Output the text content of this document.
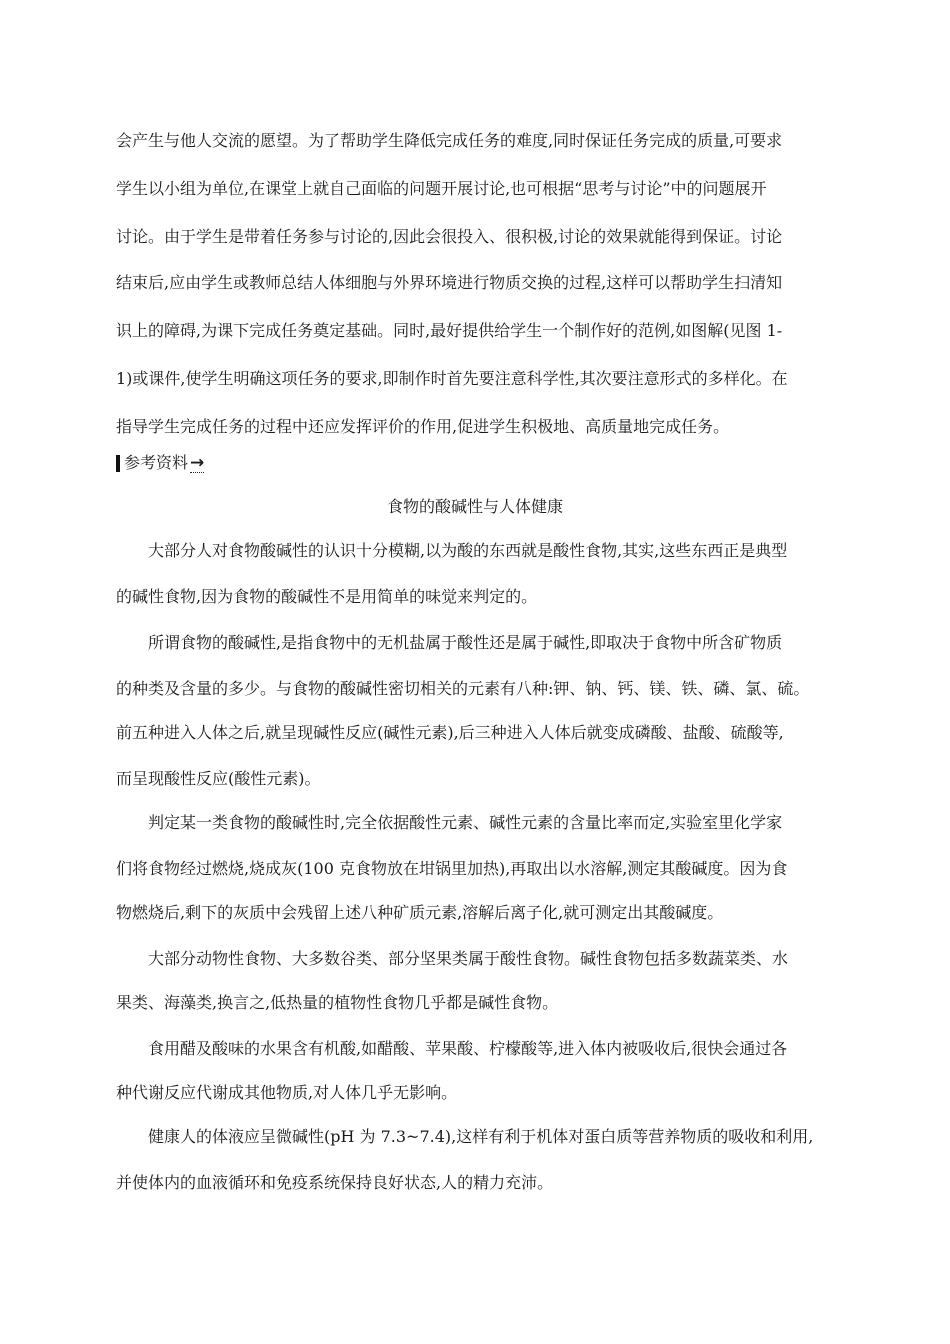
会产生与他人交流的愿望。为了帮助学生降低完成任务的难度,同时保证任务完成的质量,可要求
学生以小组为单位,在课堂上就自己面临的问题开展讨论,也可根据“思考与讨论”中的问题展开
讨论。由于学生是带着任务参与讨论的,因此会很投入、很积极,讨论的效果就能得到保证。讨论
结束后,应由学生或教师总结人体细胞与外界环境进行物质交换的过程,这样可以帮助学生扫清知
识上的障碍,为课下完成任务奠定基础。同时,最好提供给学生一个制作好的范例,如图解(见图 1-
1)或课件,使学生明确这项任务的要求,即制作时首先要注意科学性,其次要注意形式的多样化。在
指导学生完成任务的过程中还应发挥评价的作用,促进学生积极地、高质量地完成任务。
参考资料 →
食物的酸碱性与人体健康
大部分人对食物酸碱性的认识十分模糊,以为酸的东西就是酸性食物,其实,这些东西正是典型
的碱性食物,因为食物的酸碱性不是用简单的味觉来判定的。
所谓食物的酸碱性,是指食物中的无机盐属于酸性还是属于碱性,即取决于食物中所含矿物质
的种类及含量的多少。与食物的酸碱性密切相关的元素有八种:钾、钠、钙、镁、铁、磷、氯、硫。
前五种进入人体之后,就呈现碱性反应(碱性元素),后三种进入人体后就变成磷酸、盐酸、硫酸等,
而呈现酸性反应(酸性元素)。
判定某一类食物的酸碱性时,完全依据酸性元素、碱性元素的含量比率而定,实验室里化学家
们将食物经过燃烧,烧成灰(100 克食物放在坩锅里加热),再取出以水溶解,测定其酸碱度。因为食
物燃烧后,剩下的灰质中会残留上述八种矿质元素,溶解后离子化,就可测定出其酸碱度。
大部分动物性食物、大多数谷类、部分坚果类属于酸性食物。碱性食物包括多数蔬菜类、水
果类、海藻类,换言之,低热量的植物性食物几乎都是碱性食物。
食用醋及酸味的水果含有机酸,如醋酸、苹果酸、柠檬酸等,进入体内被吸收后,很快会通过各
种代谢反应代谢成其他物质,对人体几乎无影响。
健康人的体液应呈微碱性(pH 为 7.3~7.4),这样有利于机体对蛋白质等营养物质的吸收和利用,
并使体内的血液循环和免疫系统保持良好状态,人的精力充沛。
